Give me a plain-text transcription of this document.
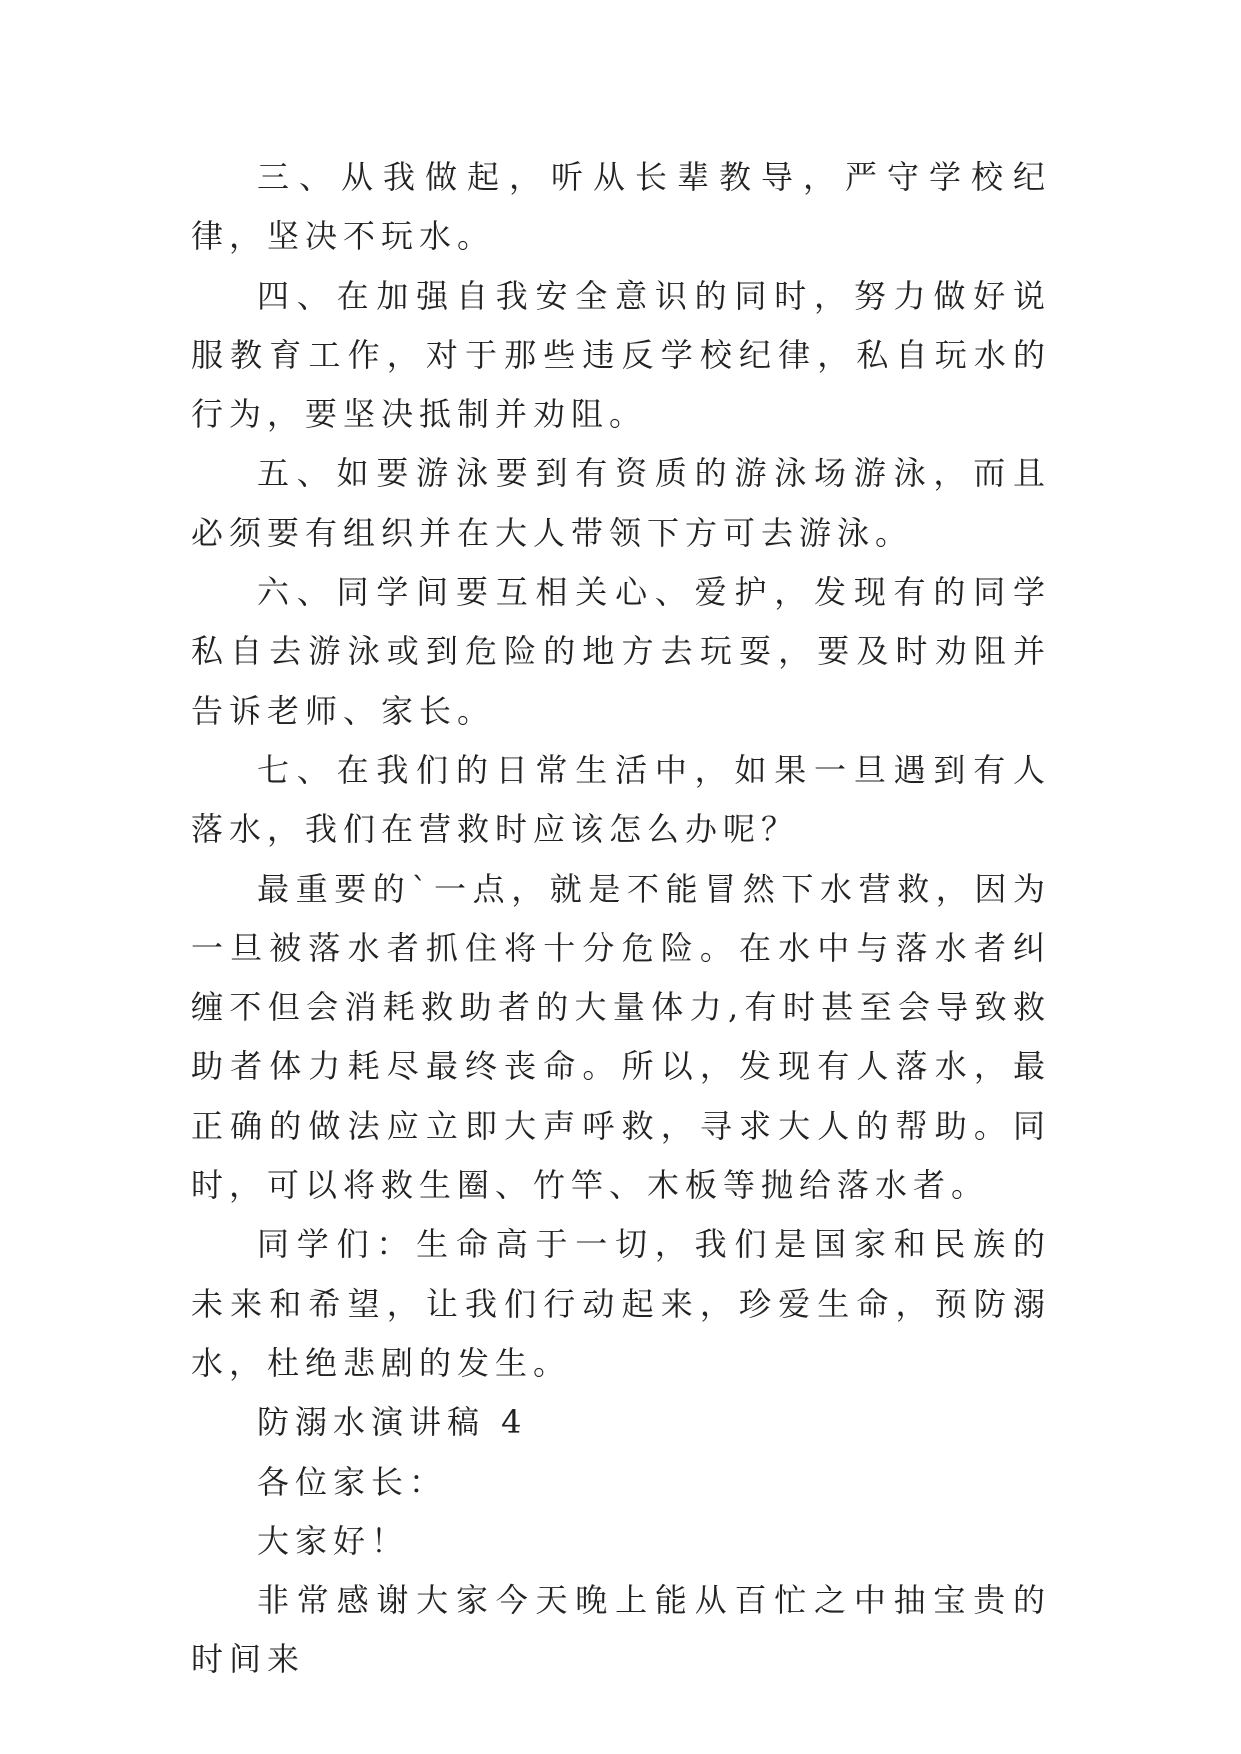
三、从我做起，听从长辈教导，严守学校纪律，坚决不玩水。

四、在加强自我安全意识的同时，努力做好说服教育工作，对于那些违反学校纪律，私自玩水的行为，要坚决抵制并劝阻。

五、如要游泳要到有资质的游泳场游泳，而且必须要有组织并在大人带领下方可去游泳。

六、同学间要互相关心、爱护，发现有的同学私自去游泳或到危险的地方去玩耍，要及时劝阻并告诉老师、家长。

七、在我们的日常生活中，如果一旦遇到有人落水，我们在营救时应该怎么办呢？

最重要的`一点，就是不能冒然下水营救，因为一旦被落水者抓住将十分危险。在水中与落水者纠缠不但会消耗救助者的大量体力,有时甚至会导致救助者体力耗尽最终丧命。所以，发现有人落水，最正确的做法应立即大声呼救，寻求大人的帮助。同时，可以将救生圈、竹竿、木板等抛给落水者。

同学们：生命高于一切，我们是国家和民族的未来和希望，让我们行动起来，珍爱生命，预防溺水，杜绝悲剧的发生。

防溺水演讲稿 4

各位家长：

大家好！

非常感谢大家今天晚上能从百忙之中抽宝贵的时间来
